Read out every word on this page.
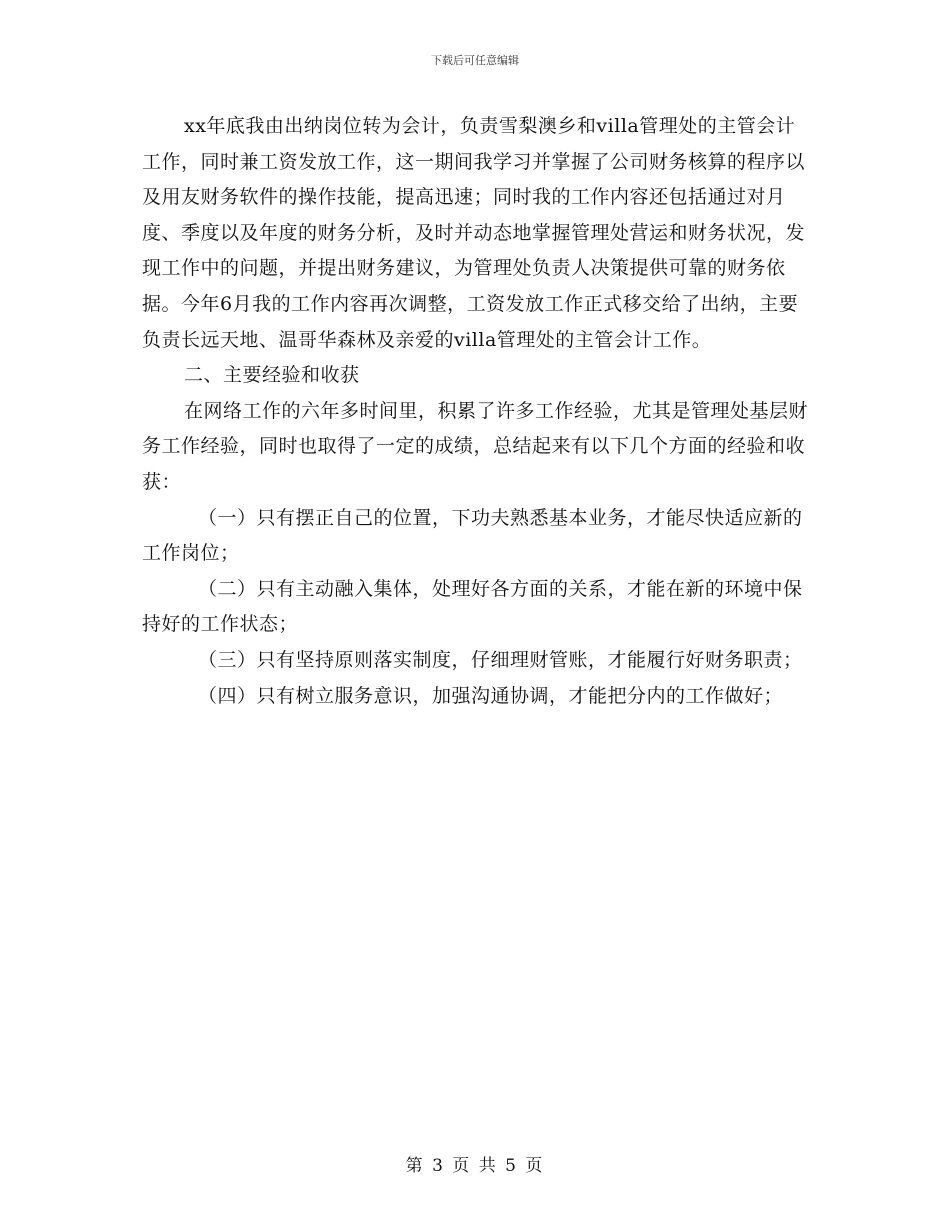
下载后可任意编辑

xx年底我由出纳岗位转为会计，负责雪梨澳乡和villa管理处的主管会计工作，同时兼工资发放工作，这一期间我学习并掌握了公司财务核算的程序以及用友财务软件的操作技能，提高迅速；同时我的工作内容还包括通过对月度、季度以及年度的财务分析，及时并动态地掌握管理处营运和财务状况，发现工作中的问题，并提出财务建议，为管理处负责人决策提供可靠的财务依据。今年6月我的工作内容再次调整，工资发放工作正式移交给了出纳，主要负责长远天地、温哥华森林及亲爱的villa管理处的主管会计工作。

二、主要经验和收获

在网络工作的六年多时间里，积累了许多工作经验，尤其是管理处基层财务工作经验，同时也取得了一定的成绩，总结起来有以下几个方面的经验和收获：

（一）只有摆正自己的位置，下功夫熟悉基本业务，才能尽快适应新的工作岗位；

（二）只有主动融入集体，处理好各方面的关系，才能在新的环境中保持好的工作状态；

（三）只有坚持原则落实制度，仔细理财管账，才能履行好财务职责；

（四）只有树立服务意识，加强沟通协调，才能把分内的工作做好；

第 3 页 共 5 页
